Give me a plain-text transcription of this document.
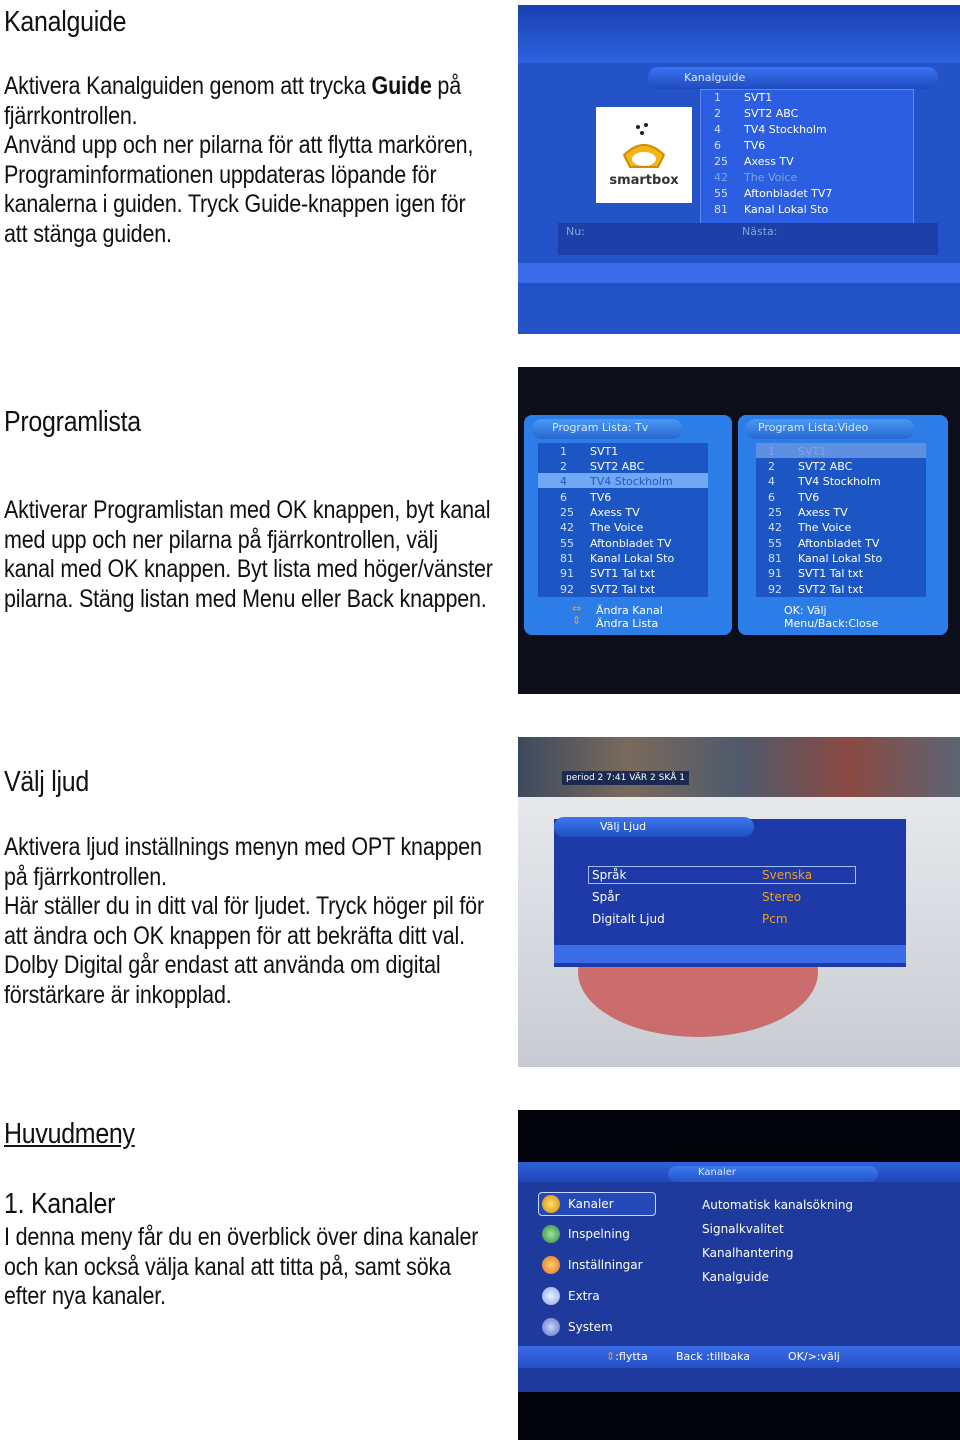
Kanalguide

Aktivera Kanalguiden genom att trycka Guide på fjärrkontrollen.

Använd upp och ner pilarna för att flytta markören, Programinformationen uppdateras löpande för kanalerna i guiden. Tryck Guide-knappen igen för att stänga guiden.

Kanalguide
smartbox
1 SVT1
2 SVT2 ABC
4 TV4 Stockholm
6 TV6
25 Axess TV
42 The Voice
55 Aftonbladet TV7
81 Kanal Lokal Sto
Nu:	Nästa:
Programlista

Aktiverar Programlistan med OK knappen, byt kanal med upp och ner pilarna på fjärrkontrollen, välj kanal med OK knappen. Byt lista med höger/vänster pilarna. Stäng listan med Menu eller Back knappen.

Program Lista: Tv
1 SVT1
2 SVT2 ABC
4 TV4 Stockholm
6 TV6
25 Axess TV
42 The Voice
55 Aftonbladet TV
81 Kanal Lokal Sto
91 SVT1 Tal txt
92 SVT2 Tal txt
⇔
⇕
Ändra Kanal
Ändra Lista
Program Lista:Video
1 SVT1
2 SVT2 ABC
4 TV4 Stockholm
6 TV6
25 Axess TV
42 The Voice
55 Aftonbladet TV
81 Kanal Lokal Sto
91 SVT1 Tal txt
92 SVT2 Tal txt
OK: Välj
Menu/Back:Close
Välj ljud

Aktivera ljud inställnings menyn med OPT knappen på fjärrkontrollen.

Här ställer du in ditt val för ljudet. Tryck höger pil för att ändra och OK knappen för att bekräfta ditt val.

Dolby Digital går endast att använda om digital förstärkare är inkopplad.

period 2 7:41 VÄR 2 SKÅ 1
Välj Ljud
Språk	Svenska
Spår	Stereo
Digitalt Ljud	Pcm
Huvudmeny
1. Kanaler

I denna meny får du en överblick över dina kanaler och kan också välja kanal att titta på, samt söka efter nya kanaler.

Kanaler
Kanaler
Inspelning
Inställningar
Extra
System
Automatisk kanalsökning
Signalkvalitet
Kanalhantering
Kanalguide
⇕:flytta	Back :tillbaka	OK/>:välj
